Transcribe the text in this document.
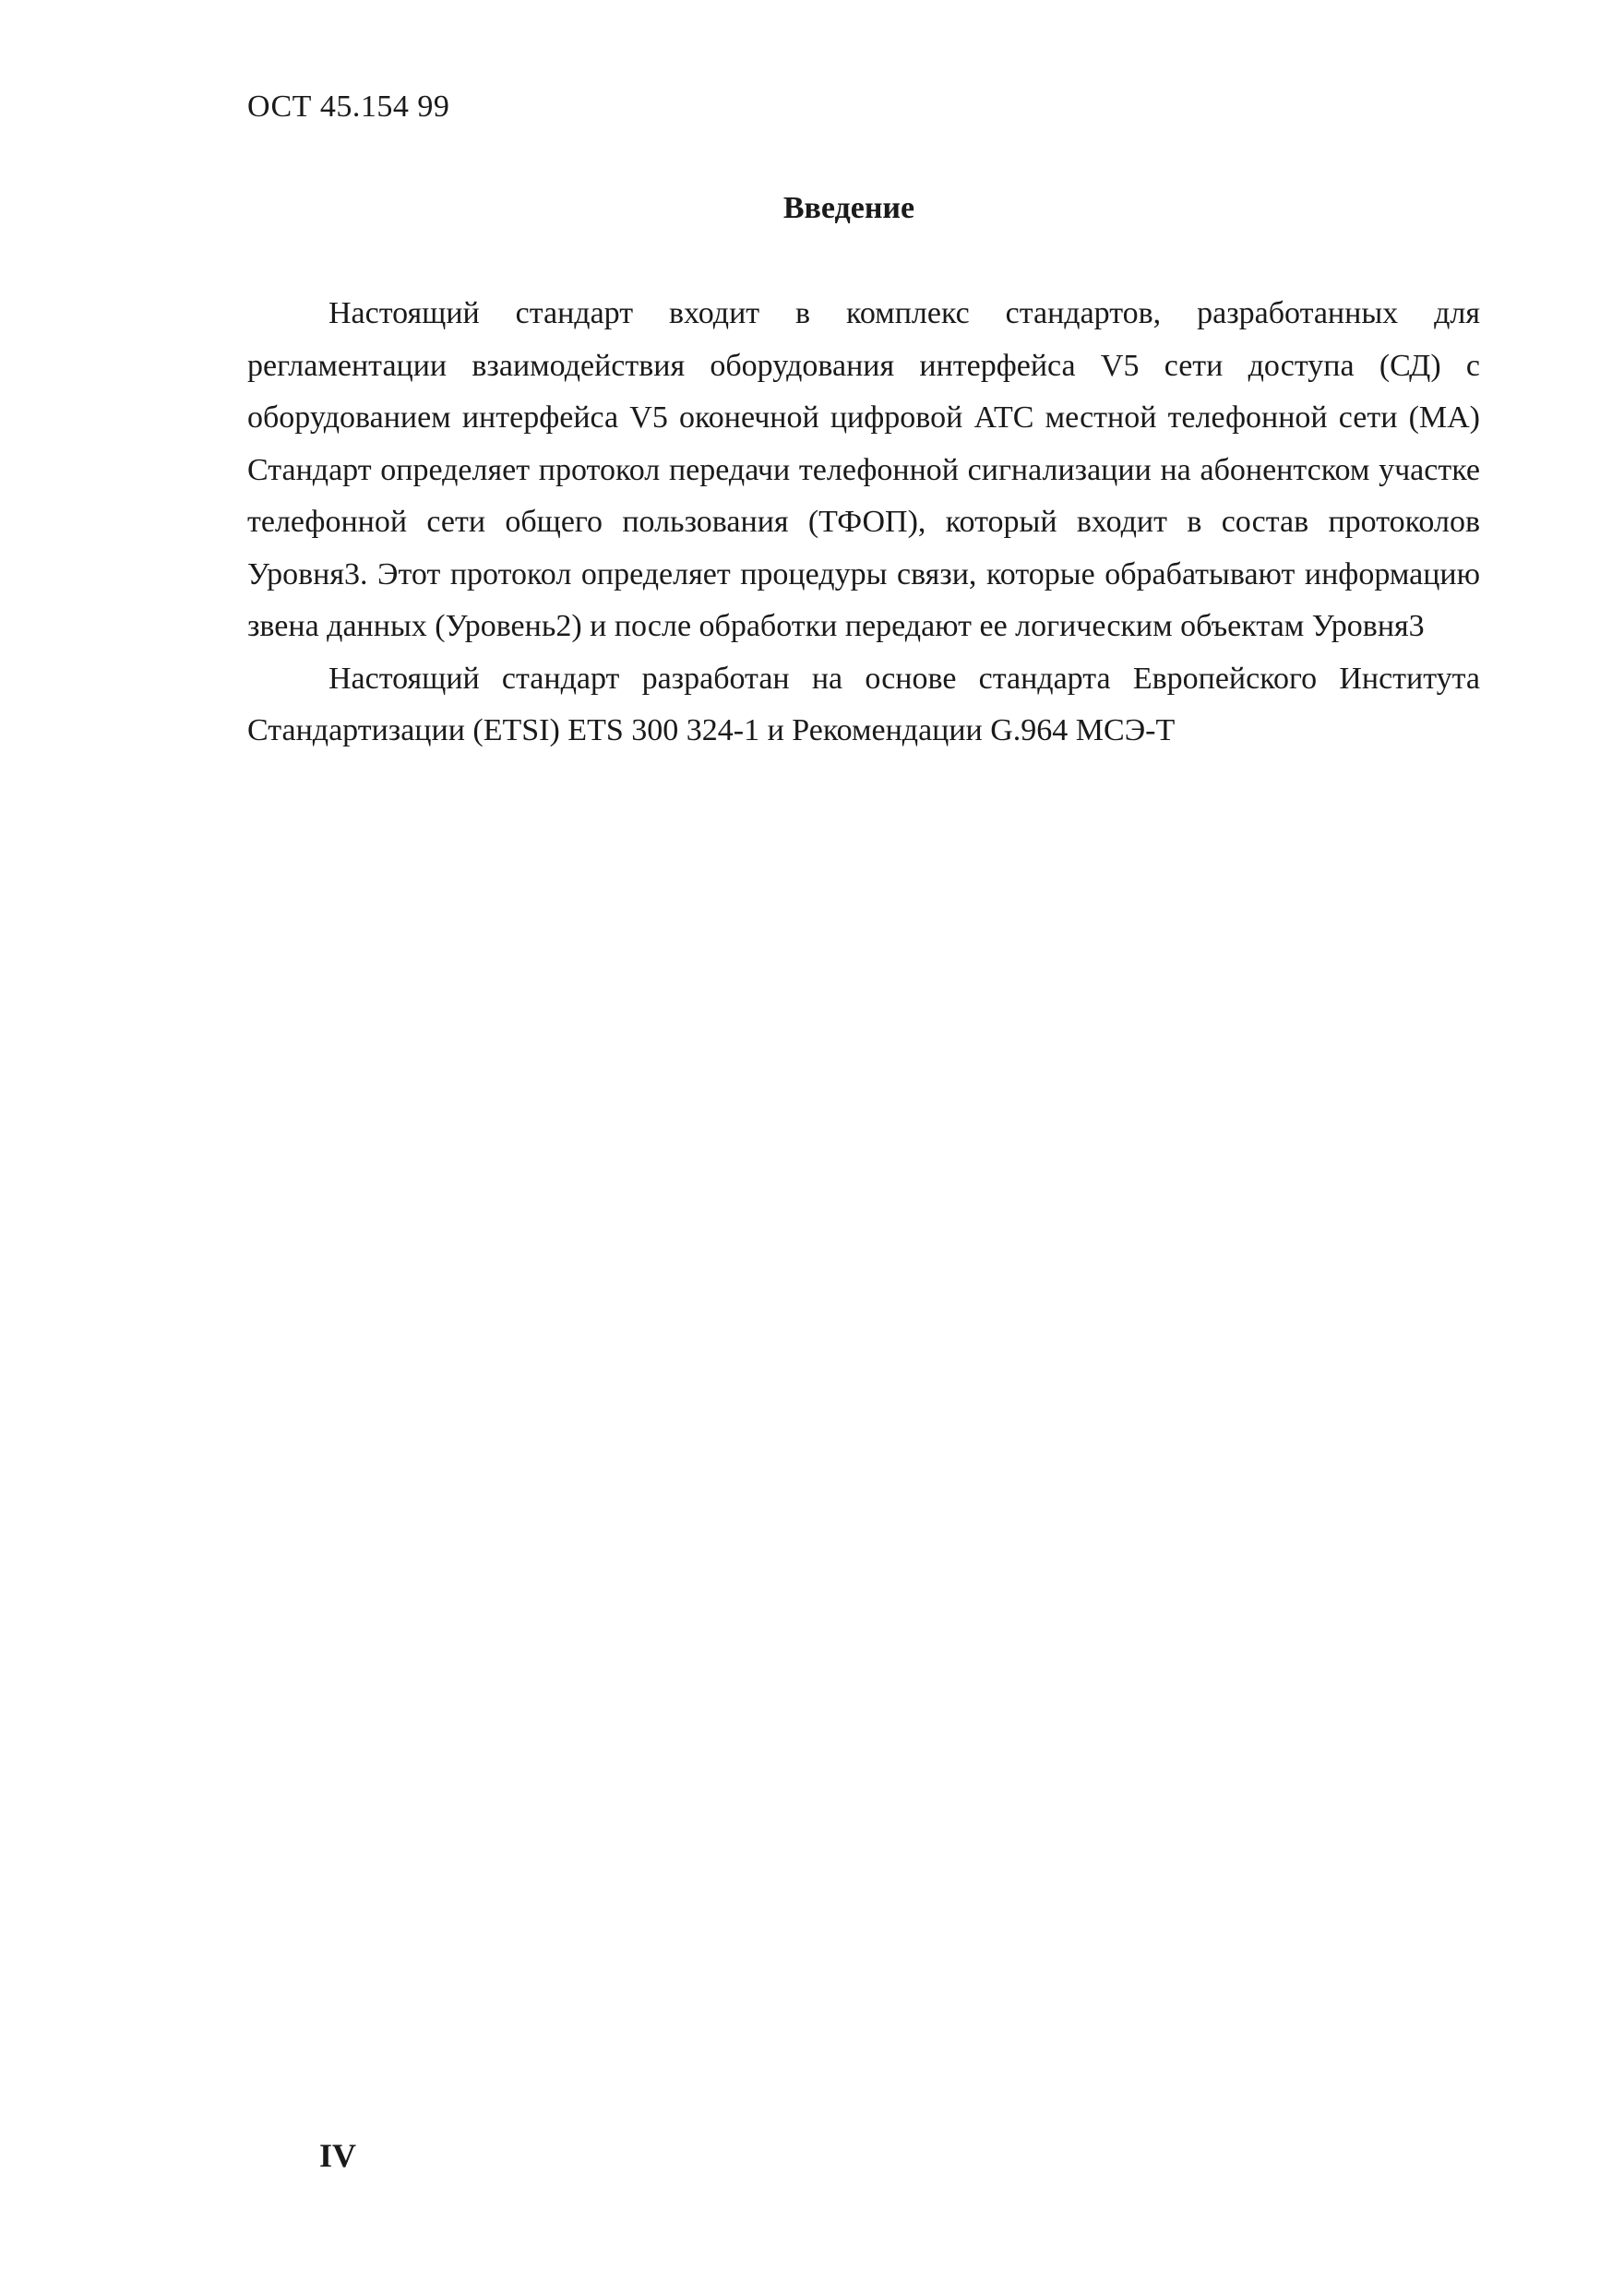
ОСТ 45.154 99
Введение

Настоящий стандарт входит в комплекс стандартов, разработанных для регламентации взаимодействия оборудования интерфейса V5 сети доступа (СД) с оборудованием интерфейса V5 оконечной цифровой АТС местной телефонной сети (МА) Стандарт определяет протокол передачи телефонной сигнализации на абонентском участке телефонной сети общего пользования (ТФОП), который входит в состав протоколов Уровня3. Этот протокол определяет процедуры связи, которые обрабатывают информацию звена данных (Уровень2) и после обработки передают ее логическим объектам Уровня3

Настоящий стандарт разработан на основе стандарта Европейского Института Стандартизации (ETSI) ETS 300 324-1 и Рекомендации G.964 МСЭ-Т

IV
